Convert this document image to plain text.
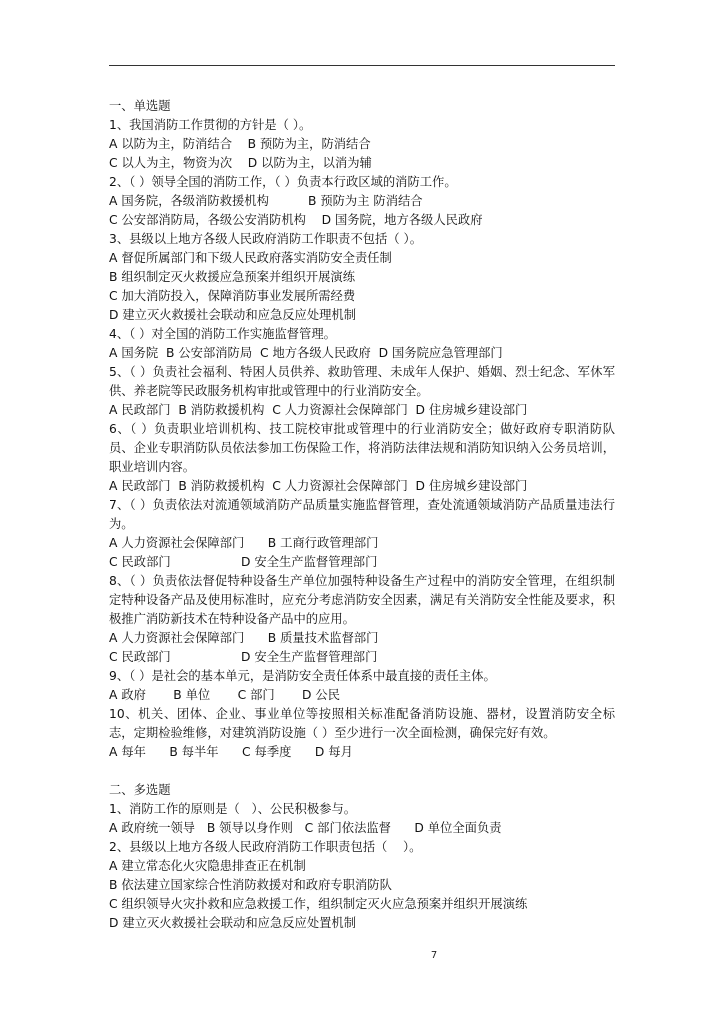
一、单选题
1、我国消防工作贯彻的方针是（ ）。
A 以防为主，防消结合    B 预防为主，防消结合
C 以人为主，物资为次    D 以防为主，以消为辅
2、（ ）领导全国的消防工作，（ ）负责本行政区域的消防工作。
A 国务院，各级消防救援机构          B 预防为主 防消结合
C 公安部消防局，各级公安消防机构    D 国务院，地方各级人民政府
3、县级以上地方各级人民政府消防工作职责不包括（ ）。
A 督促所属部门和下级人民政府落实消防安全责任制
B 组织制定灭火救援应急预案并组织开展演练
C 加大消防投入，保障消防事业发展所需经费
D 建立灭火救援社会联动和应急反应处理机制
4、（ ）对全国的消防工作实施监督管理。
A 国务院  B 公安部消防局  C 地方各级人民政府  D 国务院应急管理部门
5、（ ）负责社会福利、特困人员供养、救助管理、未成年人保护、婚姻、烈士纪念、军休军供、养老院等民政服务机构审批或管理中的行业消防安全。
A 民政部门  B 消防救援机构  C 人力资源社会保障部门  D 住房城乡建设部门
6、（ ）负责职业培训机构、技工院校审批或管理中的行业消防安全；做好政府专职消防队员、企业专职消防队员依法参加工伤保险工作，将消防法律法规和消防知识纳入公务员培训，职业培训内容。
A 民政部门  B 消防救援机构  C 人力资源社会保障部门  D 住房城乡建设部门
7、（ ）负责依法对流通领域消防产品质量实施监督管理，查处流通领域消防产品质量违法行为。
A 人力资源社会保障部门      B 工商行政管理部门
C 民政部门                  D 安全生产监督管理部门
8、（ ）负责依法督促特种设备生产单位加强特种设备生产过程中的消防安全管理，在组织制定特种设备产品及使用标准时，应充分考虑消防安全因素，满足有关消防安全性能及要求，积极推广消防新技术在特种设备产品中的应用。
A 人力资源社会保障部门      B 质量技术监督部门
C 民政部门                  D 安全生产监督管理部门
9、（ ）是社会的基本单元，是消防安全责任体系中最直接的责任主体。
A 政府       B 单位       C 部门       D 公民
10、机关、团体、企业、事业单位等按照相关标准配备消防设施、器材，设置消防安全标志，定期检验维修，对建筑消防设施（ ）至少进行一次全面检测，确保完好有效。
A 每年      B 每半年      C 每季度      D 每月
二、多选题
1、消防工作的原则是（   ）、公民积极参与。
A 政府统一领导   B 领导以身作则   C 部门依法监督      D 单位全面负责
2、县级以上地方各级人民政府消防工作职责包括（    ）。
A 建立常态化火灾隐患排查正在机制
B 依法建立国家综合性消防救援对和政府专职消防队
C 组织领导火灾扑救和应急救援工作，组织制定灭火应急预案并组织开展演练
D 建立灭火救援社会联动和应急反应处置机制
7
